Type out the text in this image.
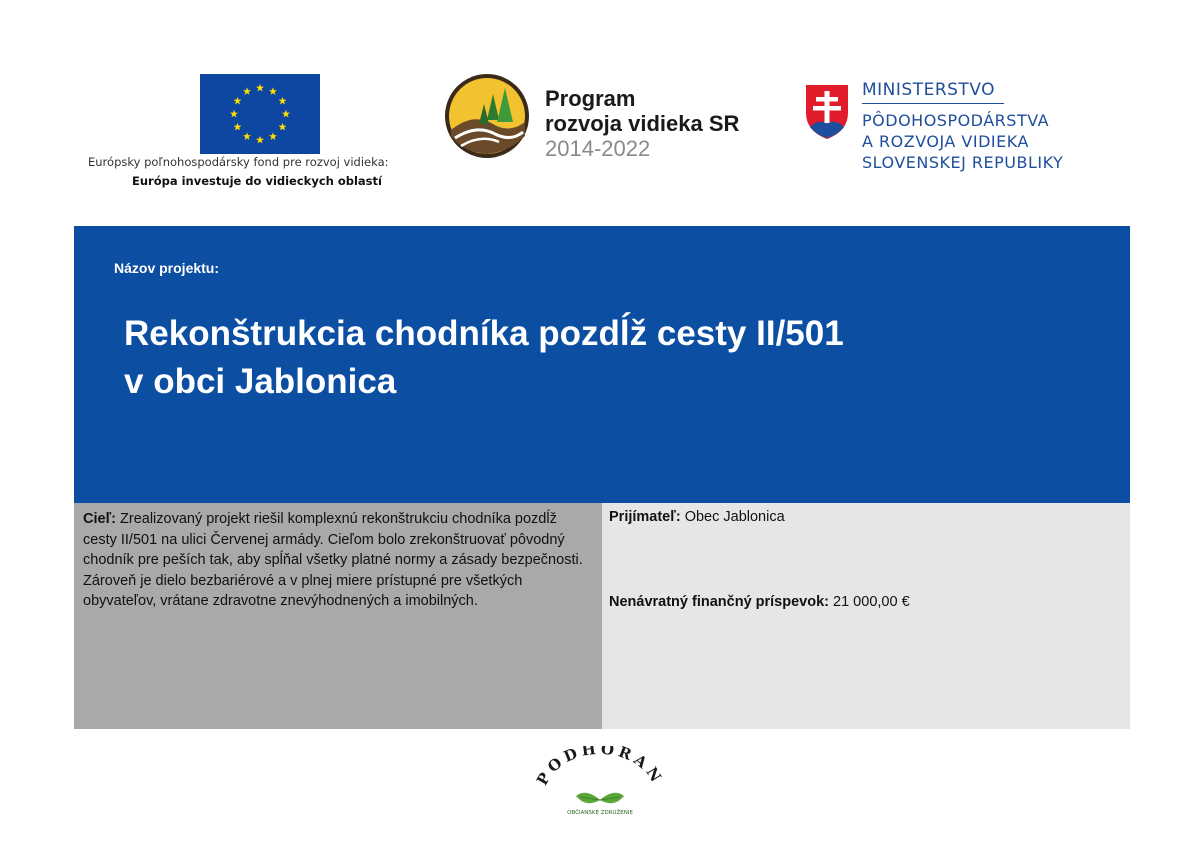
Európsky poľnohospodársky fond pre rozvoj vidieka:
Európa investuje do vidieckych oblastí
Program
rozvoja vidieka SR
2014-2022
MINISTERSTVO
PÔDOHOSPODÁRSTVA
A ROZVOJA VIDIEKA
SLOVENSKEJ REPUBLIKY
Názov projektu:
Rekonštrukcia chodníka pozdĺž cesty II/501
v obci Jablonica
Cieľ: Zrealizovaný projekt riešil komplexnú rekonštrukciu chodníka pozdĺž cesty II/501 na ulici Červenej armády. Cieľom bolo zrekonštruovať pôvodný chodník pre peších tak, aby spĺňal všetky platné normy a zásady bezpečnosti.
Zároveň je dielo bezbariérové a v plnej miere prístupné pre všetkých obyvateľov, vrátane zdravotne znevýhodnených a imobilných.
Prijímateľ: Obec Jablonica
Nenávratný finančný príspevok: 21 000,00 €
PODHORAN
OBČIANSKE ZDRUŽENIE
